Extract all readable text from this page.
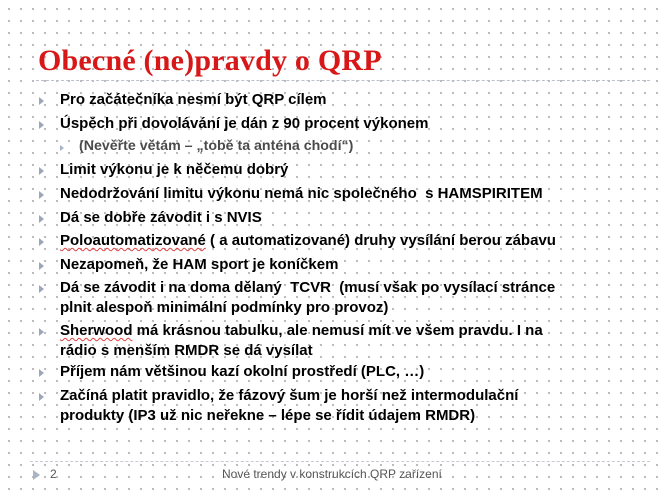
Obecné (ne)pravdy o QRP
Pro začátečníka nesmí být QRP cílem
Úspěch při dovolávání je dán z 90 procent výkonem
(Nevěřte větám – „tobě ta anténa chodí“)
Limit výkonu je k něčemu dobrý
Nedodržování limitu výkonu nemá nic společného  s HAMSPIRITEM
Dá se dobře závodit i s NVIS
Poloautomatizované ( a automatizované) druhy vysílání berou zábavu
Nezapomeň, že HAM sport je koníčkem
Dá se závodit i na doma dělaný  TCVR  (musí však po vysílací stránce
plnit alespoň minimální podmínky pro provoz)
Sherwood má krásnou tabulku, ale nemusí mít ve všem pravdu. I na
rádio s menším RMDR se dá vysílat
Příjem nám většinou kazí okolní prostředí (PLC, …)
Začíná platit pravidlo, že fázový šum je horší než intermodulační
produkty (IP3 už nic neřekne – lépe se řídit údajem RMDR)
2	Nové trendy v konstrukcích QRP zařízení
